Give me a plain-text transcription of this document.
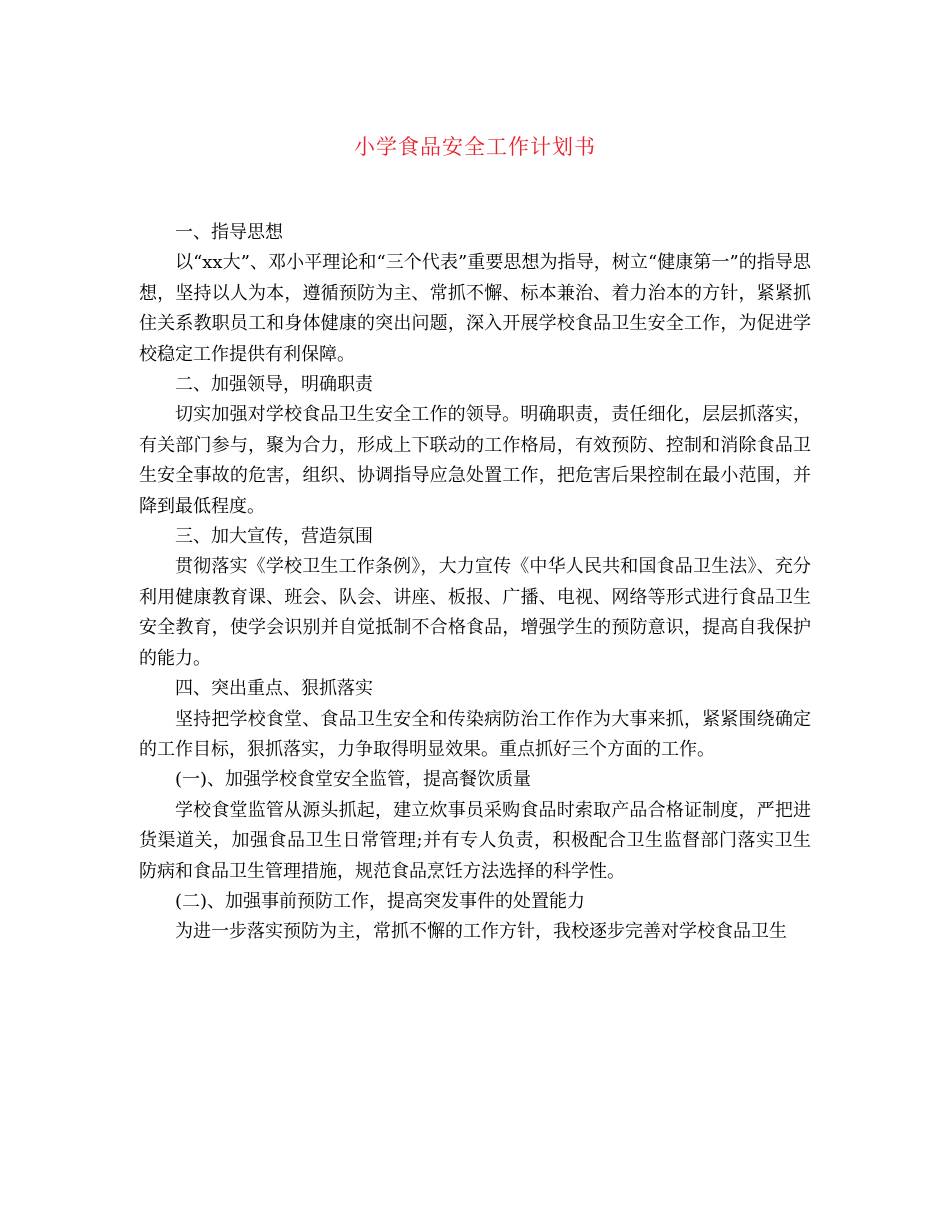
小学食品安全工作计划书

一、指导思想

以“xx大”、邓小平理论和“三个代表”重要思想为指导，树立“健康第一”的指导思想，坚持以人为本，遵循预防为主、常抓不懈、标本兼治、着力治本的方针，紧紧抓住关系教职员工和身体健康的突出问题，深入开展学校食品卫生安全工作，为促进学校稳定工作提供有利保障。

二、加强领导，明确职责

切实加强对学校食品卫生安全工作的领导。明确职责，责任细化，层层抓落实，有关部门参与，聚为合力，形成上下联动的工作格局，有效预防、控制和消除食品卫生安全事故的危害，组织、协调指导应急处置工作，把危害后果控制在最小范围，并降到最低程度。

三、加大宣传，营造氛围

贯彻落实《学校卫生工作条例》，大力宣传《中华人民共和国食品卫生法》、充分利用健康教育课、班会、队会、讲座、板报、广播、电视、网络等形式进行食品卫生安全教育，使学会识别并自觉抵制不合格食品，增强学生的预防意识，提高自我保护的能力。

四、突出重点、狠抓落实

坚持把学校食堂、食品卫生安全和传染病防治工作作为大事来抓，紧紧围绕确定的工作目标，狠抓落实，力争取得明显效果。重点抓好三个方面的工作。

(一)、加强学校食堂安全监管，提高餐饮质量

学校食堂监管从源头抓起，建立炊事员采购食品时索取产品合格证制度，严把进货渠道关，加强食品卫生日常管理;并有专人负责，积极配合卫生监督部门落实卫生防病和食品卫生管理措施，规范食品烹饪方法选择的科学性。

(二)、加强事前预防工作，提高突发事件的处置能力

为进一步落实预防为主，常抓不懈的工作方针，我校逐步完善对学校食品卫生
